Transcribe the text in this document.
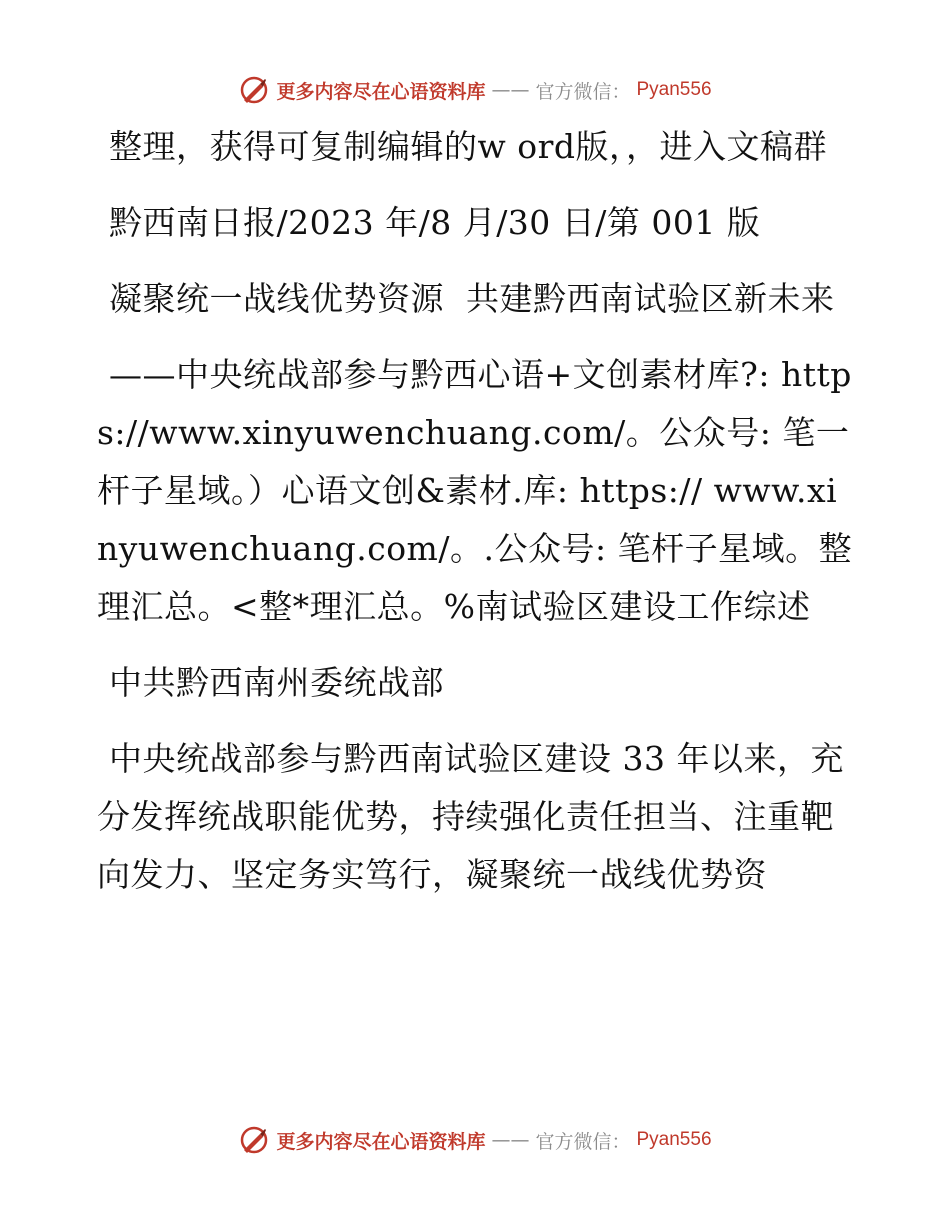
更多内容尽在心语资料库 —— 官方微信： Pyan556

整理，获得可复制编辑的w ord版，，进入文稿群

黔西南日报/2023 年/8 月/30 日/第 001 版

凝聚统一战线优势资源  共建黔西南试验区新未来

——中央统战部参与黔西心语+文创素材库?: https://www.xinyuwenchuang.com/。公众号: 笔一杆子星域。）心语文创&素材.库: https:// www.xinyuwenchuang.com/。.公众号: 笔杆子星域。整理汇总。<整*理汇总。%南试验区建设工作综述

中共黔西南州委统战部

中央统战部参与黔西南试验区建设 33 年以来，充分发挥统战职能优势，持续强化责任担当、注重靶向发力、坚定务实笃行，凝聚统一战线优势资

更多内容尽在心语资料库 —— 官方微信： Pyan556
